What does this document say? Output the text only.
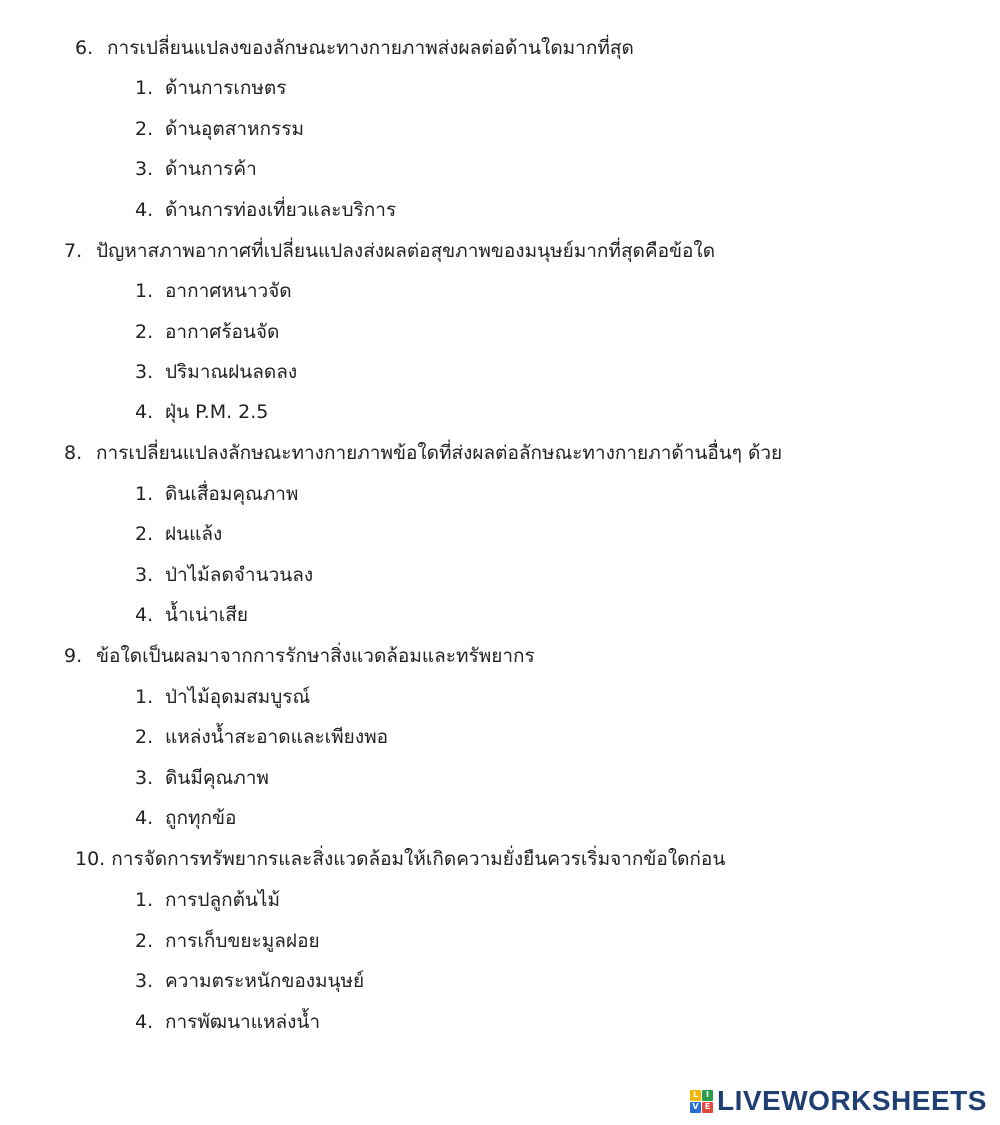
6. การเปลี่ยนแปลงของลักษณะทางกายภาพส่งผลต่อด้านใดมากที่สุด
1. ด้านการเกษตร
2. ด้านอุตสาหกรรม
3. ด้านการค้า
4. ด้านการท่องเที่ยวและบริการ
7. ปัญหาสภาพอากาศที่เปลี่ยนแปลงส่งผลต่อสุขภาพของมนุษย์มากที่สุดคือข้อใด
1. อากาศหนาวจัด
2. อากาศร้อนจัด
3. ปริมาณฝนลดลง
4. ฝุ่น P.M. 2.5
8. การเปลี่ยนแปลงลักษณะทางกายภาพข้อใดที่ส่งผลต่อลักษณะทางกายภาด้านอื่นๆ ด้วย
1. ดินเสื่อมคุณภาพ
2. ฝนแล้ง
3. ป่าไม้ลดจำนวนลง
4. น้ำเน่าเสีย
9. ข้อใดเป็นผลมาจากการรักษาสิ่งแวดล้อมและทรัพยากร
1. ป่าไม้อุดมสมบูรณ์
2. แหล่งน้ำสะอาดและเพียงพอ
3. ดินมีคุณภาพ
4. ถูกทุกข้อ
10. การจัดการทรัพยากรและสิ่งแวดล้อมให้เกิดความยั่งยืนควรเริ่มจากข้อใดก่อน
1. การปลูกต้นไม้
2. การเก็บขยะมูลฝอย
3. ความตระหนักของมนุษย์
4. การพัฒนาแหล่งน้ำ
L I
V E LIVEWORKSHEETS
